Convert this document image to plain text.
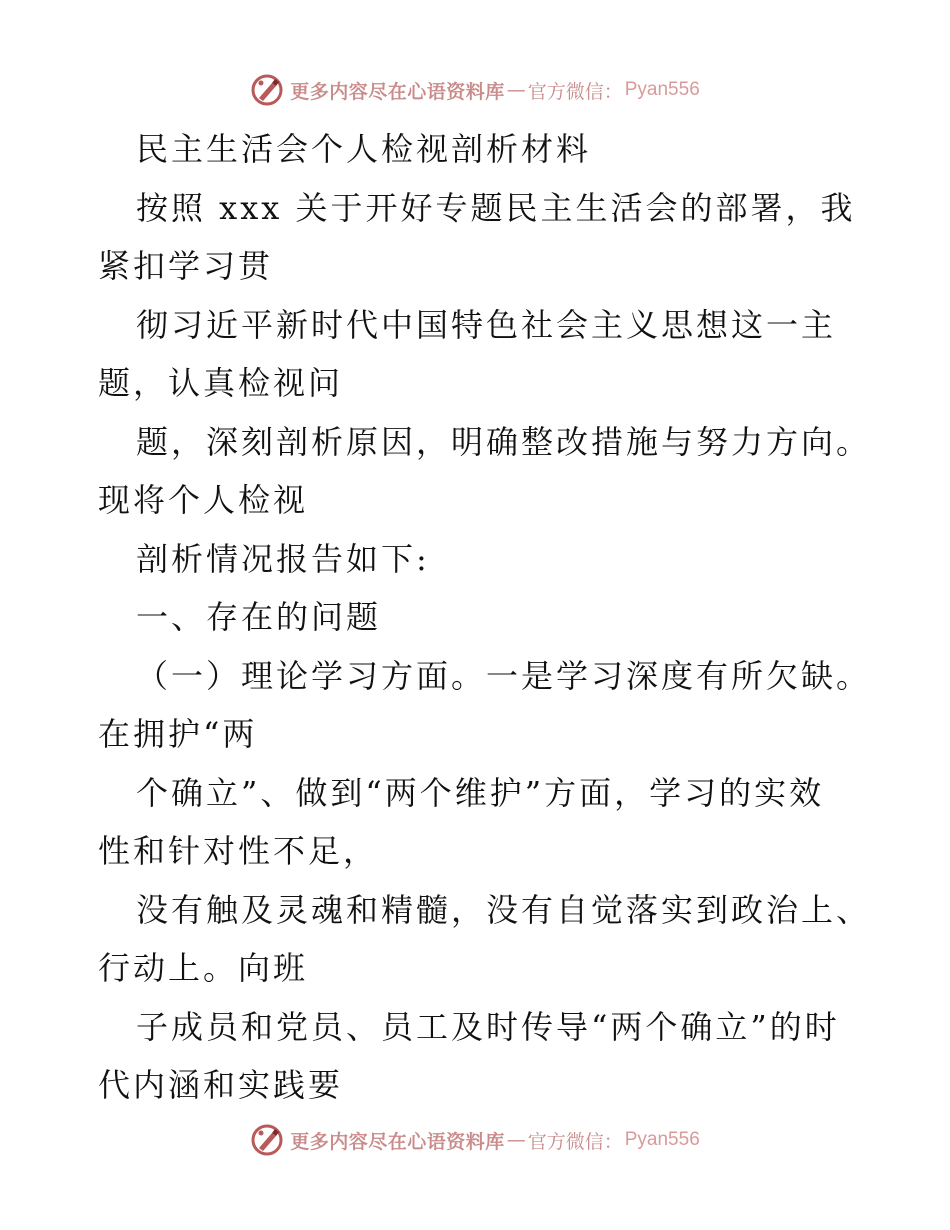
更多内容尽在心语资料库 — 官方微信： Pyan556
民主生活会个人检视剖析材料
按照 xxx 关于开好专题民主生活会的部署，我
紧扣学习贯
彻习近平新时代中国特色社会主义思想这一主
题，认真检视问
题，深刻剖析原因，明确整改措施与努力方向。
现将个人检视
剖析情况报告如下:
一、存在的问题
（一）理论学习方面。一是学习深度有所欠缺。
在拥护“两
个确立”、做到“两个维护”方面，学习的实效
性和针对性不足，
没有触及灵魂和精髓，没有自觉落实到政治上、
行动上。向班
子成员和党员、员工及时传导“两个确立”的时
代内涵和实践要
更多内容尽在心语资料库 — 官方微信： Pyan556
